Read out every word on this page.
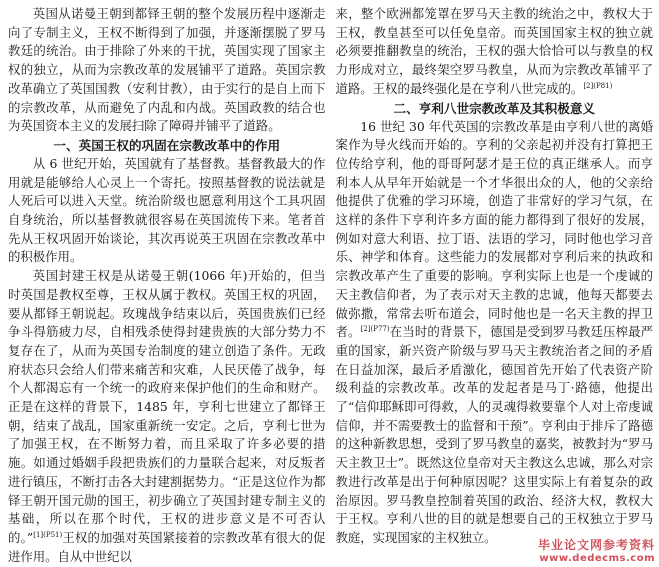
英国从诺曼王朝到都铎王朝的整个发展历程中逐渐走向了专制主义，王权不断得到了加强，并逐渐摆脱了罗马教廷的统治。由于排除了外来的干扰，英国实现了国家主权的独立，从而为宗教改革的发展铺平了道路。英国宗教改革确立了英国国教（安利甘教），由于实行的是自上而下的宗教改革，从而避免了内乱和内战。英国政教的结合也为英国资本主义的发展扫除了障碍并铺平了道路。

一、英国王权的巩固在宗教改革中的作用

从 6 世纪开始，英国就有了基督教。基督教最大的作用就是能够给人心灵上一个寄托。按照基督教的说法就是人死后可以进入天堂。统治阶级也愿意利用这个工具巩固自身统治，所以基督教就很容易在英国流传下来。笔者首先从王权巩固开始谈论，其次再说英王巩固在宗教改革中的积极作用。

英国封建王权是从诺曼王朝(1066 年)开始的，但当时英国是教权至尊，王权从属于教权。英国王权的巩固，要从都铎王朝说起。玫瑰战争结束以后，英国贵族们已经争斗得筋疲力尽，自相残杀使得封建贵族的大部分势力不复存在了，从而为英国专治制度的建立创造了条件。无政府状态只会给人们带来痛苦和灾难，人民厌倦了战争，每个人都渴忘有一个统一的政府来保护他们的生命和财产。正是在这样的背景下，1485 年，亨利七世建立了都铎王朝，结束了战乱，国家重新统一安定。之后，亨利七世为了加强王权，在不断努力着，而且采取了许多必要的措施。如通过婚姻手段把贵族们的力量联合起来，对反叛者进行镇压，不断打击各大封建割据势力。“正是这位作为都铎王朝开国元勋的国王，初步确立了英国封建专制主义的基础，所以在那个时代，王权的进步意义是不可否认的。”$^{[1](P51)}$王权的加强对英国紧接着的宗教改革有很大的促进作用。自从中世纪以

来，整个欧洲都笼罩在罗马天主教的统治之中，教权大于王权，教皇甚至可以任免皇帝。而英国国家主权的独立就必须要推翻教皇的统治，王权的强大恰恰可以与教皇的权力形成对立，最终架空罗马教皇，从而为宗教改革铺平了道路。王权的最终强化是在亨利八世完成的。$^{[2](P81)}$

二、亨利八世宗教改革及其积极意义

16 世纪 30 年代英国的宗教改革是由亨利八世的离婚案作为导火线而开始的。亨利的父亲起初并没有打算把王位传给亨利，他的哥哥阿瑟才是王位的真正继承人。而亨利本人从早年开始就是一个才华很出众的人，他的父亲给他提供了优雅的学习环境，创造了非常好的学习气氛，在这样的条件下亨利许多方面的能力都得到了很好的发展，例如对意大利语、拉丁语、法语的学习，同时他也学习音乐、神学和体育。这些能力的发展都对亨利后来的执政和宗教改革产生了重要的影响。亨利实际上也是一个虔诚的天主教信仰者，为了表示对天主教的忠诚，他每天都要去做弥撒，常常去听布道会，同时他也是一名天主教的捍卫者。$^{[2](P77)}$在当时的背景下，德国是受到罗马教廷压榨最严重的国家，新兴资产阶级与罗马天主教统治者之间的矛盾在日益加深，最后矛盾激化，德国首先开始了代表资产阶级利益的宗教改革。改革的发起者是马丁·路德，他提出了“信仰耶稣即可得救，人的灵魂得救要靠个人对上帝虔诚信仰，并不需要教士的监督和干预”。亨利由于排斥了路德的这种新教思想，受到了罗马教皇的嘉奖，被教封为“罗马天主教卫士”。既然这位皇帝对天主教这么忠诚，那么对宗教进行改革是出于何种原因呢？这里实际上有着复杂的政治原因。罗马教皇控制着英国的政治、经济大权，教权大于王权。亨利八世的目的就是想要自己的王权独立于罗马教庭，实现国家的主权独立。

毕业论文网参考资料
www.dedecms.com
